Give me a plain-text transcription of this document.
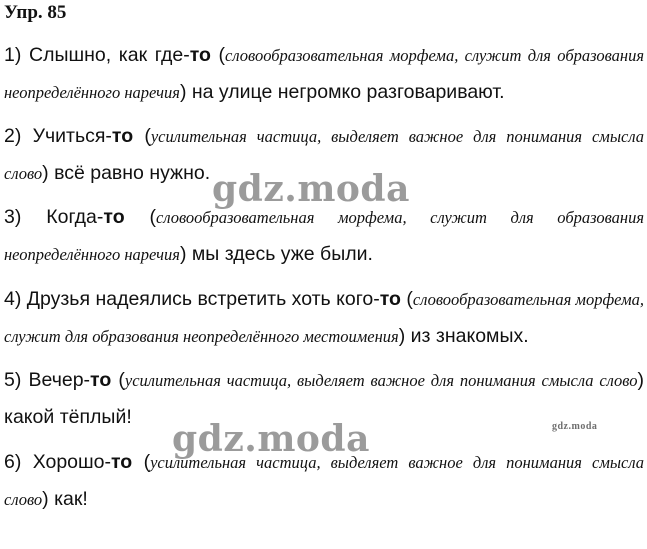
Упр. 85
1) Слышно, как где-то (словообразовательная морфема, служит для образования неопределённого наречия) на улице негромко разговаривают.
2) Учиться-то (усилительная частица, выделяет важное для понимания смысла слово) всё равно нужно.
3) Когда-то (словообразовательная морфема, служит для образования неопределённого наречия) мы здесь уже были.
4) Друзья надеялись встретить хоть кого-то (словообразовательная морфема, служит для образования неопределённого местоимения) из знакомых.
5) Вечер-то (усилительная частица, выделяет важное для понимания смысла слово) какой тёплый!
6) Хорошо-то (усилительная частица, выделяет важное для понимания смысла слово) как!
gdz.moda
gdz.moda	gdz.moda
